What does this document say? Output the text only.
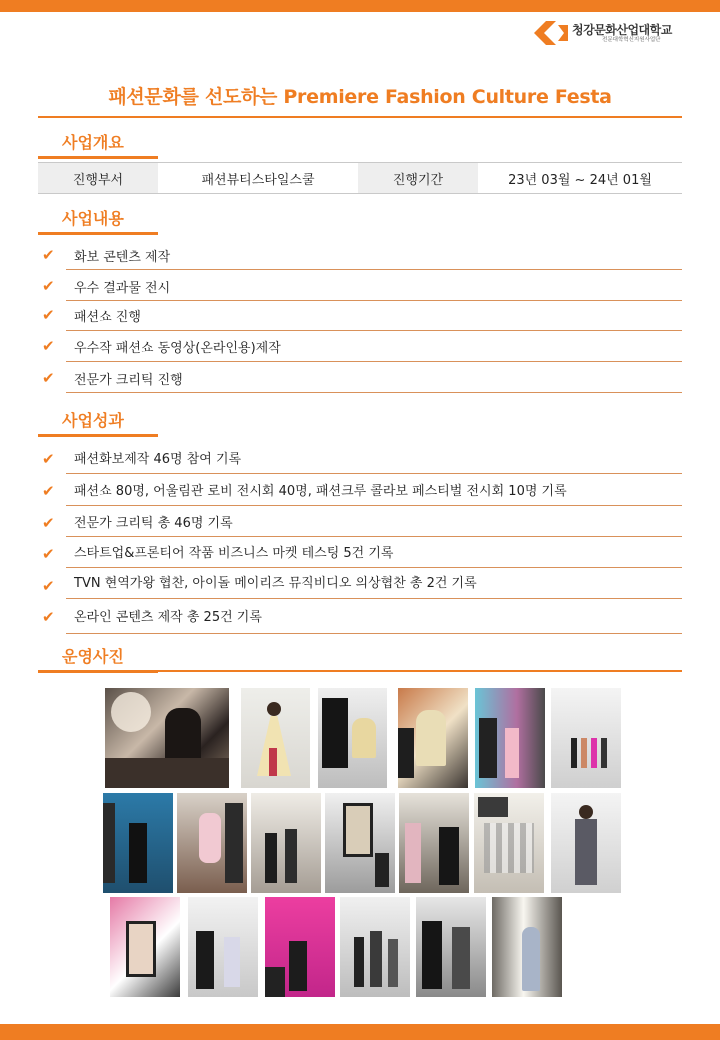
청강문화산업대학교
전문대학혁신지원사업단
패션문화를 선도하는 Premiere Fashion Culture Festa
사업개요
진행부서	패션뷰티스타일스쿨	진행기간	23년 03월 ~ 24년 01월
사업내용
✔ 화보 콘텐츠 제작
✔ 우수 결과물 전시
✔ 패션쇼 진행
✔ 우수작 패션쇼 동영상(온라인용)제작
✔ 전문가 크리틱 진행
사업성과
✔ 패션화보제작 46명 참여 기록
✔ 패션쇼 80명, 어울림관 로비 전시회 40명, 패션크루 콜라보 페스티벌 전시회 10명 기록
✔ 전문가 크리틱 총 46명 기록
✔ 스타트업&프론티어 작품 비즈니스 마켓 테스팅 5건 기록
✔ TVN 현역가왕 협찬, 아이돌 메이리즈 뮤직비디오 의상협찬 총 2건 기록
✔ 온라인 콘텐츠 제작 총 25건 기록
운영사진
